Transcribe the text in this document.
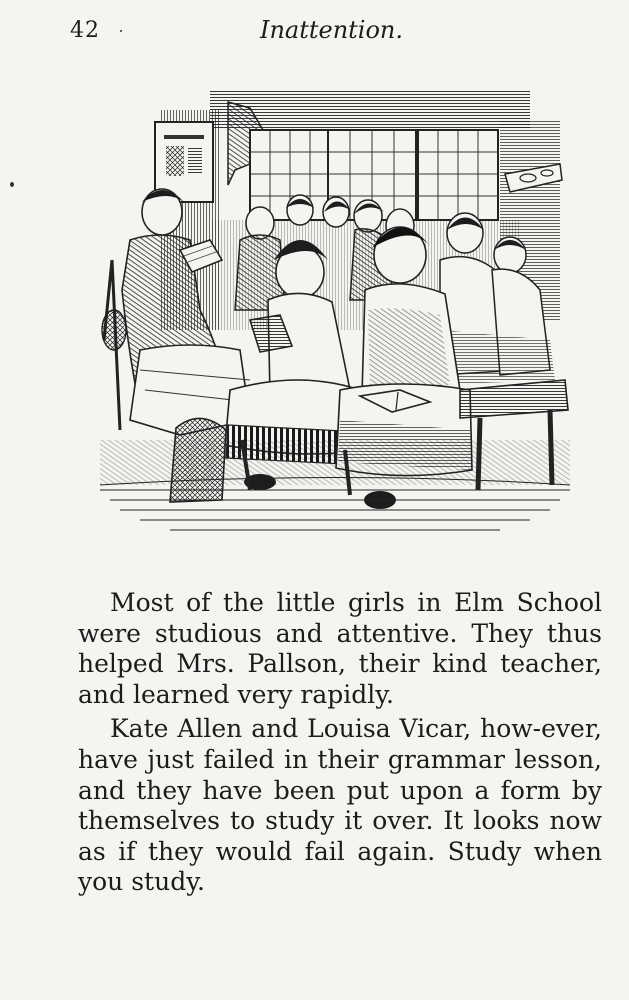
42	Inattention.

Most of the little girls in Elm School were studious and attentive. They thus helped Mrs. Pallson, their kind teacher, and learned very rapidly.

Kate Allen and Louisa Vicar, how-ever, have just failed in their grammar lesson, and they have been put upon a form by themselves to study it over. It looks now as if they would fail again. Study when you study.
